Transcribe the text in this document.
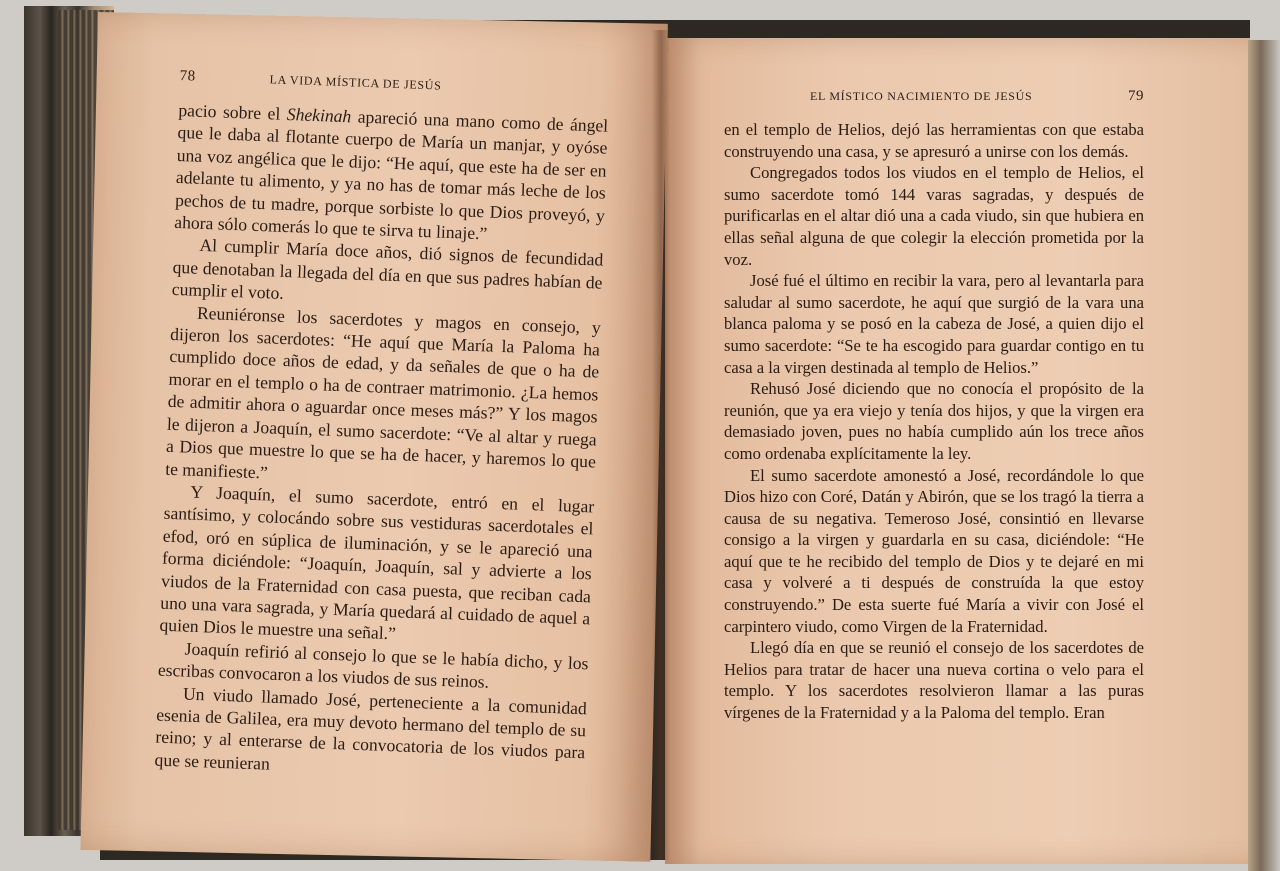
78	LA VIDA MÍSTICA DE JESÚS

pacio sobre el Shekinah apareció una mano como de ángel que le daba al flotante cuerpo de María un manjar, y oyóse una voz angélica que le dijo: “He aquí, que este ha de ser en adelante tu alimento, y ya no has de tomar más leche de los pechos de tu madre, porque sorbiste lo que Dios proveyó, y ahora sólo comerás lo que te sirva tu linaje.”

Al cumplir María doce años, dió signos de fecundidad que denotaban la llegada del día en que sus padres habían de cumplir el voto.

Reuniéronse los sacerdotes y magos en consejo, y dijeron los sacerdotes: “He aquí que María la Paloma ha cumplido doce años de edad, y da señales de que o ha de morar en el templo o ha de contraer matrimonio. ¿La hemos de admitir ahora o aguardar once meses más?” Y los magos le dijeron a Joaquín, el sumo sacerdote: “Ve al altar y ruega a Dios que muestre lo que se ha de hacer, y haremos lo que te manifieste.”

Y Joaquín, el sumo sacerdote, entró en el lugar santísimo, y colocándo sobre sus vestiduras sacerdotales el efod, oró en súplica de iluminación, y se le apareció una forma diciéndole: “Joaquín, Joaquín, sal y advierte a los viudos de la Fraternidad con casa puesta, que reciban cada uno una vara sagrada, y María quedará al cuidado de aquel a quien Dios le muestre una señal.”

Joaquín refirió al consejo lo que se le había dicho, y los escribas convocaron a los viudos de sus reinos.

Un viudo llamado José, perteneciente a la comunidad esenia de Galilea, era muy devoto hermano del templo de su reino; y al enterarse de la convocatoria de los viudos para que se reunieran

EL MÍSTICO NACIMIENTO DE JESÚS	79

en el templo de Helios, dejó las herramientas con que estaba construyendo una casa, y se apresuró a unirse con los demás.

Congregados todos los viudos en el templo de Helios, el sumo sacerdote tomó 144 varas sagradas, y después de purificarlas en el altar dió una a cada viudo, sin que hubiera en ellas señal alguna de que colegir la elección prometida por la voz.

José fué el último en recibir la vara, pero al levantarla para saludar al sumo sacerdote, he aquí que surgió de la vara una blanca paloma y se posó en la cabeza de José, a quien dijo el sumo sacerdote: “Se te ha escogido para guardar contigo en tu casa a la virgen destinada al templo de Helios.”

Rehusó José diciendo que no conocía el propósito de la reunión, que ya era viejo y tenía dos hijos, y que la virgen era demasiado joven, pues no había cumplido aún los trece años como ordenaba explícitamente la ley.

El sumo sacerdote amonestó a José, recordándole lo que Dios hizo con Coré, Datán y Abirón, que se los tragó la tierra a causa de su negativa. Temeroso José, consintió en llevarse consigo a la virgen y guardarla en su casa, diciéndole: “He aquí que te he recibido del templo de Dios y te dejaré en mi casa y volveré a ti después de construída la que estoy construyendo.” De esta suerte fué María a vivir con José el carpintero viudo, como Virgen de la Fraternidad.

Llegó día en que se reunió el consejo de los sacerdotes de Helios para tratar de hacer una nueva cortina o velo para el templo. Y los sacerdotes resolvieron llamar a las puras vírgenes de la Fraternidad y a la Paloma del templo. Eran
